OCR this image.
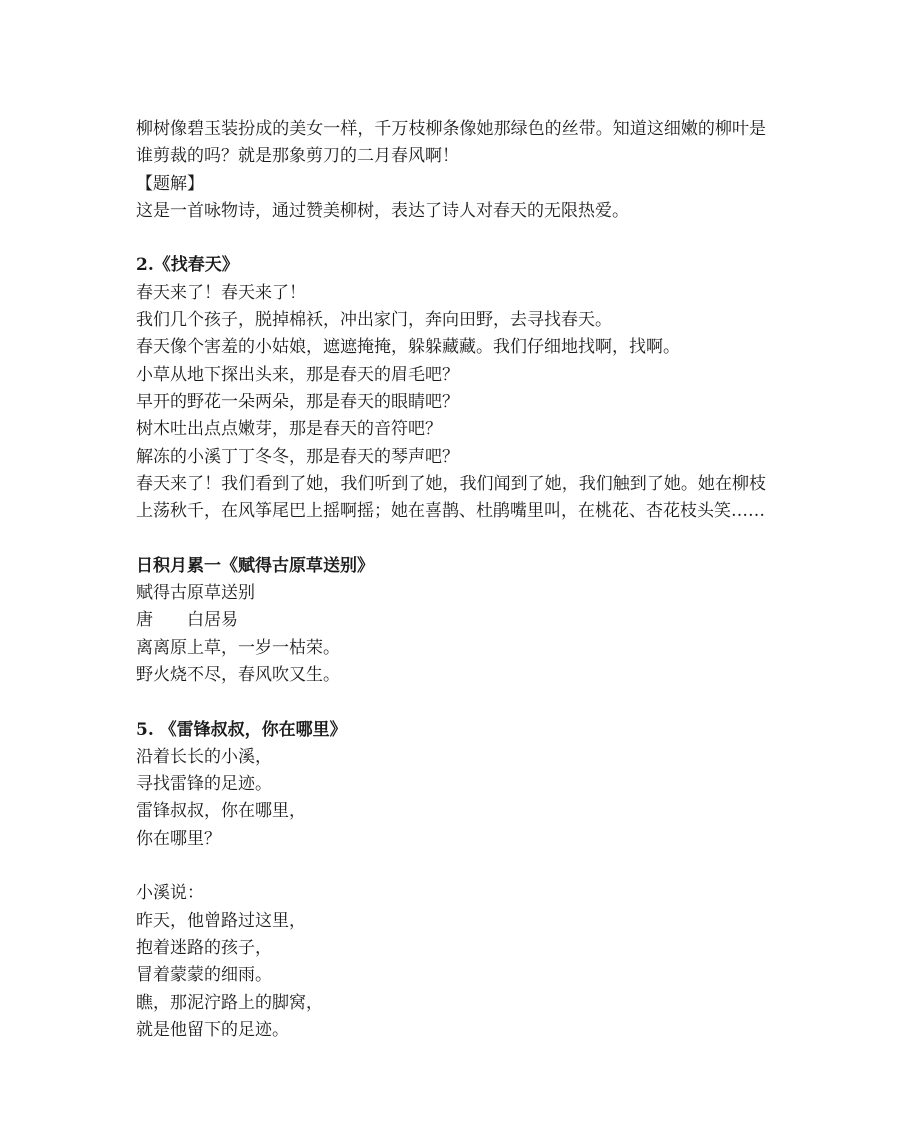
柳树像碧玉装扮成的美女一样，千万枝柳条像她那绿色的丝带。知道这细嫩的柳叶是谁剪裁的吗？就是那象剪刀的二月春风啊！

【题解】

这是一首咏物诗，通过赞美柳树，表达了诗人对春天的无限热爱。

2.《找春天》

春天来了！春天来了！

我们几个孩子，脱掉棉袄，冲出家门，奔向田野，去寻找春天。

春天像个害羞的小姑娘，遮遮掩掩，躲躲藏藏。我们仔细地找啊，找啊。

小草从地下探出头来，那是春天的眉毛吧？

早开的野花一朵两朵，那是春天的眼睛吧？

树木吐出点点嫩芽，那是春天的音符吧？

解冻的小溪丁丁冬冬，那是春天的琴声吧？

春天来了！我们看到了她，我们听到了她，我们闻到了她，我们触到了她。她在柳枝上荡秋千，在风筝尾巴上摇啊摇；她在喜鹊、杜鹃嘴里叫，在桃花、杏花枝头笑……

日积月累一《赋得古原草送别》

赋得古原草送别

唐　　白居易

离离原上草，一岁一枯荣。

野火烧不尽，春风吹又生。

5. 《雷锋叔叔，你在哪里》

沿着长长的小溪，

寻找雷锋的足迹。

雷锋叔叔，你在哪里，

你在哪里？

小溪说：

昨天，他曾路过这里，

抱着迷路的孩子，

冒着蒙蒙的细雨。

瞧，那泥泞路上的脚窝，

就是他留下的足迹。
